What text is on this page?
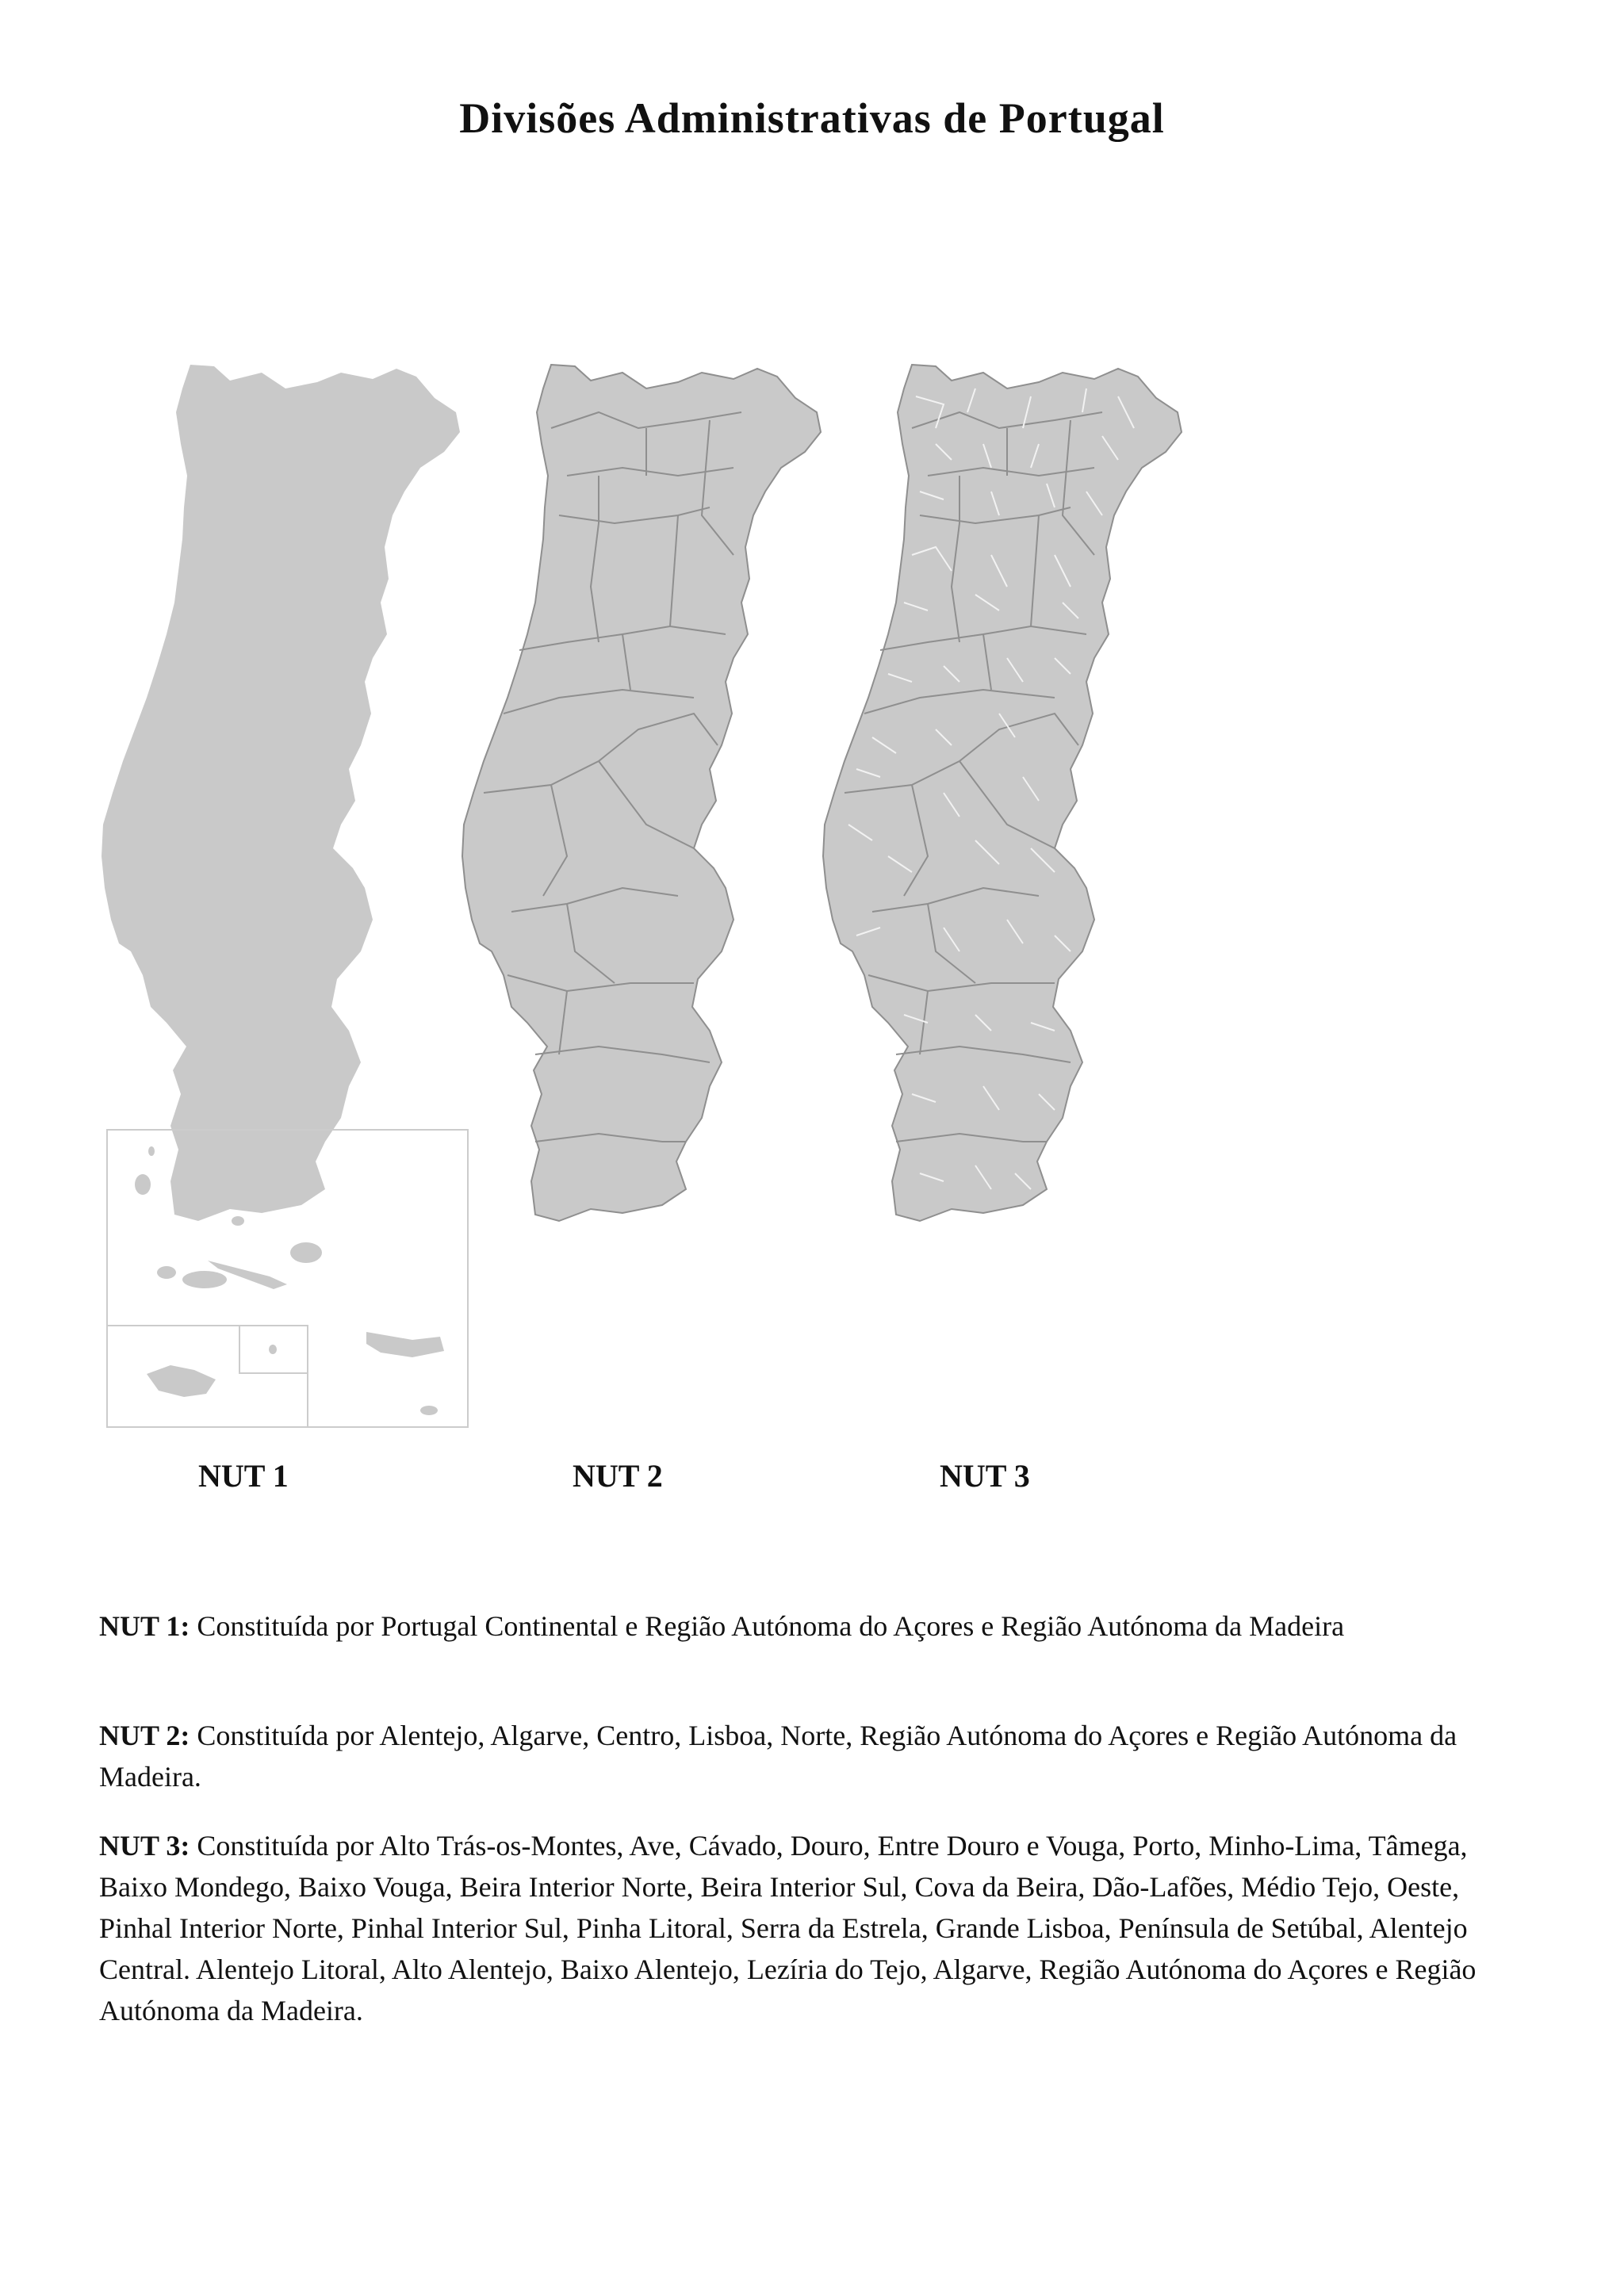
Divisões Administrativas de Portugal
NUT 1	NUT 2	NUT 3
NUT 1: Constituída por Portugal Continental e Região Autónoma do Açores e Região Autónoma da Madeira
NUT 2: Constituída por Alentejo, Algarve, Centro, Lisboa, Norte, Região Autónoma do Açores e Região Autónoma da Madeira.
NUT 3: Constituída por Alto Trás-os-Montes, Ave, Cávado, Douro, Entre Douro e Vouga, Porto, Minho-Lima, Tâmega, Baixo Mondego, Baixo Vouga, Beira Interior Norte, Beira Interior Sul, Cova da Beira, Dão-Lafões, Médio Tejo, Oeste, Pinhal Interior Norte, Pinhal Interior Sul, Pinha Litoral, Serra da Estrela, Grande Lisboa, Península de Setúbal, Alentejo Central. Alentejo Litoral, Alto Alentejo, Baixo Alentejo, Lezíria do Tejo, Algarve, Região Autónoma do Açores e Região Autónoma da Madeira.
